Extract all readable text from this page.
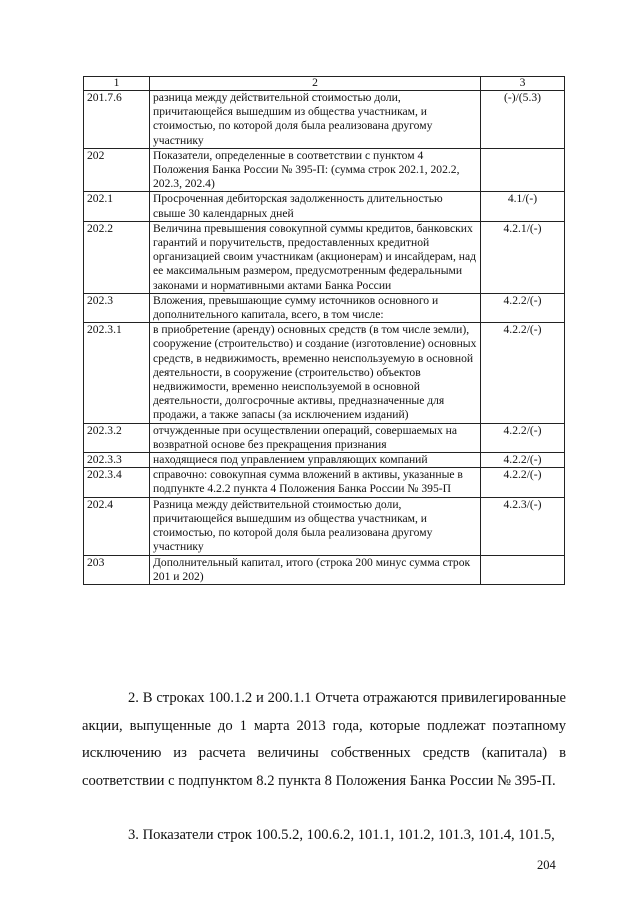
1	2	3
201.7.6	разница между действительной стоимостью доли, причитающейся вышедшим из общества участникам, и стоимостью, по которой доля была реализована другому участнику	(-)/(5.3)
202	Показатели, определенные в соответствии с пунктом 4 Положения Банка России № 395-П: (сумма строк 202.1, 202.2, 202.3, 202.4)	
202.1	Просроченная дебиторская задолженность длительностью свыше 30 календарных дней	4.1/(-)
202.2	Величина превышения совокупной суммы кредитов, банковских гарантий и поручительств, предоставленных кредитной организацией своим участникам (акционерам) и инсайдерам, над ее максимальным размером, предусмотренным федеральными законами и нормативными актами Банка России	4.2.1/(-)
202.3	Вложения, превышающие сумму источников основного и дополнительного капитала, всего, в том числе:	4.2.2/(-)
202.3.1	в приобретение (аренду) основных средств (в том числе земли), сооружение (строительство) и создание (изготовление) основных средств, в недвижимость, временно неиспользуемую в основной деятельности, в сооружение (строительство) объектов недвижимости, временно неиспользуемой в основной деятельности, долгосрочные активы, предназначенные для продажи, а также запасы (за исключением изданий)	4.2.2/(-)
202.3.2	отчужденные при осуществлении операций, совершаемых на возвратной основе без прекращения признания	4.2.2/(-)
202.3.3	находящиеся под управлением управляющих компаний	4.2.2/(-)
202.3.4	справочно: совокупная сумма вложений в активы, указанные в подпункте 4.2.2 пункта 4 Положения Банка России № 395-П	4.2.2/(-)
202.4	Разница между действительной стоимостью доли, причитающейся вышедшим из общества участникам, и стоимостью, по которой доля была реализована другому участнику	4.2.3/(-)
203	Дополнительный капитал, итого (строка 200 минус сумма строк 201 и 202)	
2. В строках 100.1.2 и 200.1.1 Отчета отражаются привилегированные акции, выпущенные до 1 марта 2013 года, которые подлежат поэтапному исключению из расчета величины собственных средств (капитала) в соответствии с подпунктом 8.2 пункта 8 Положения Банка России № 395-П.
3. Показатели строк 100.5.2, 100.6.2, 101.1, 101.2, 101.3, 101.4, 101.5,
204
